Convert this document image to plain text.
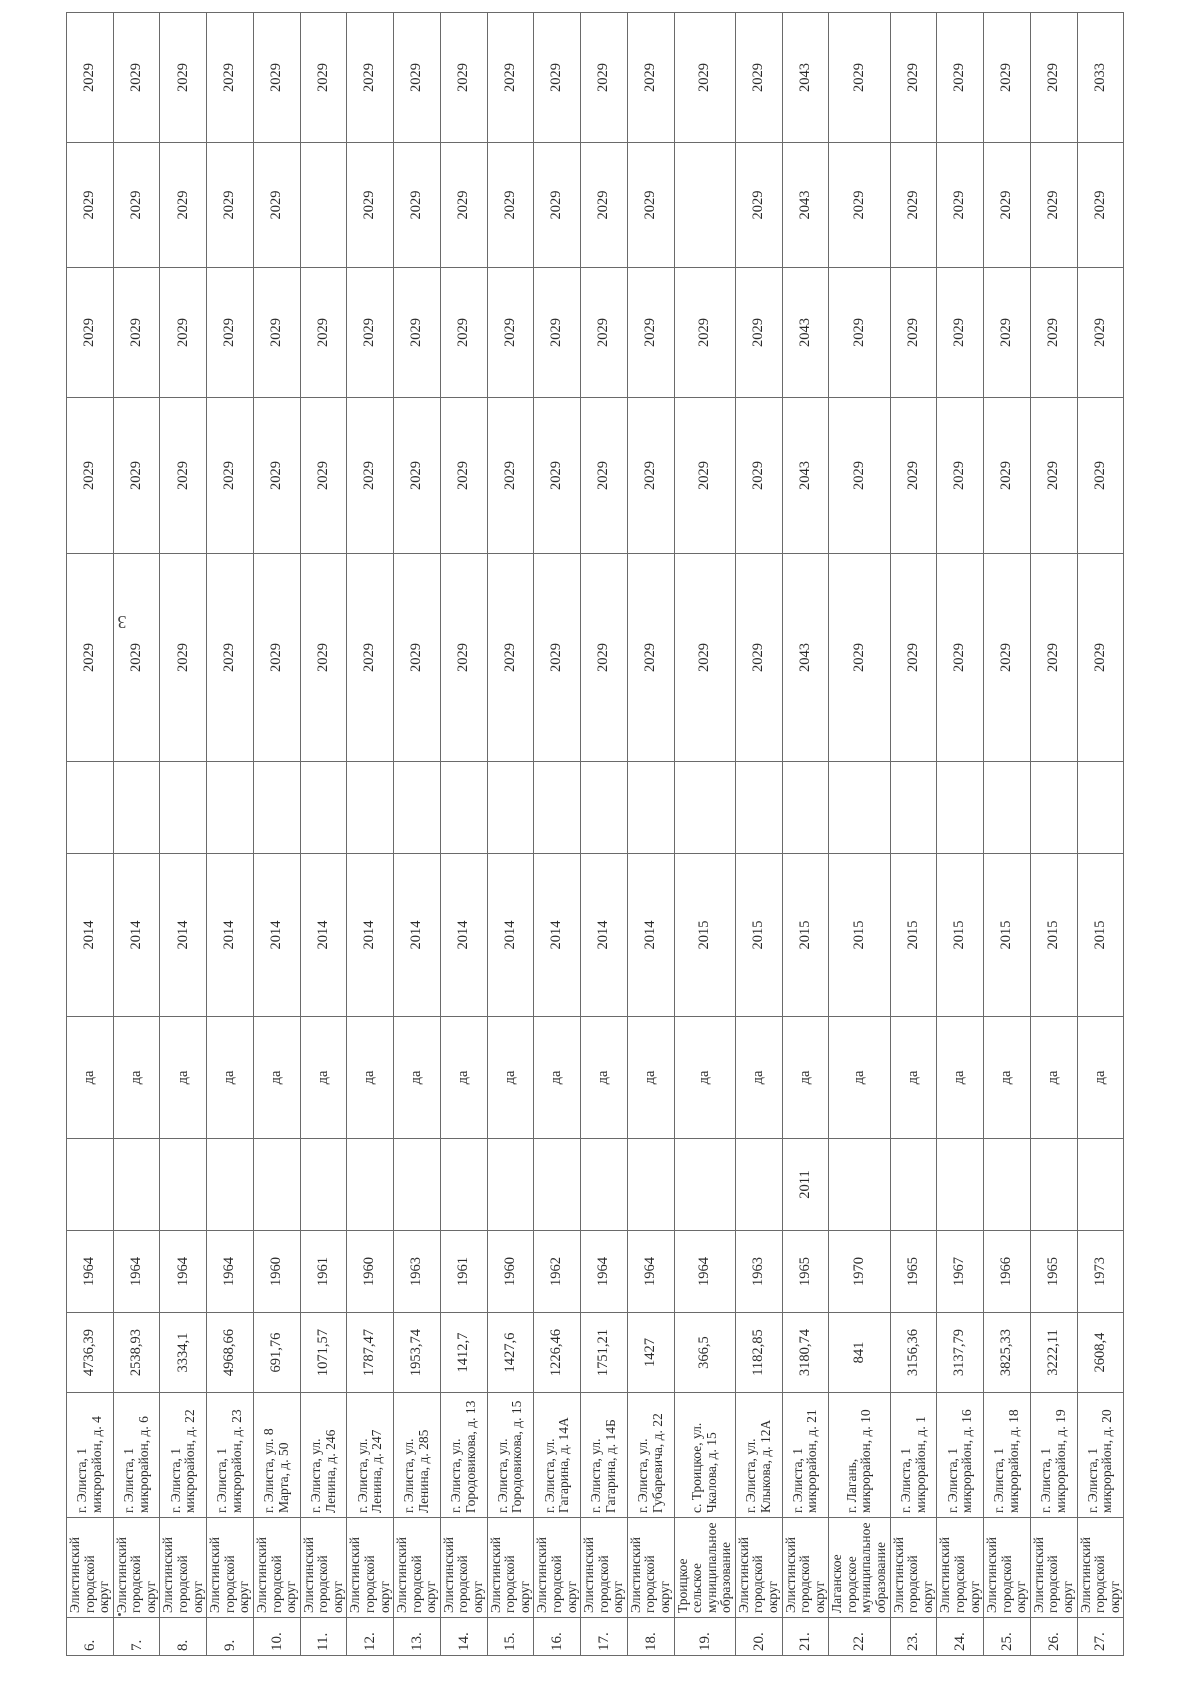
6.	Элистинский городской округ	г. Элиста, 1 микрорайон, д. 4	4736,39	1964		да	2014		2029	2029	2029	2029	2029
7.	Элистинский городской округ	г. Элиста, 1 микрорайон, д. 6	2538,93	1964		да	2014		2029	2029	2029	2029	2029
8.	Элистинский городской округ	г. Элиста, 1 микрорайон, д. 22	3334,1	1964		да	2014		2029	2029	2029	2029	2029
9.	Элистинский городской округ	г. Элиста, 1 микрорайон, д. 23	4968,66	1964		да	2014		2029	2029	2029	2029	2029
10.	Элистинский городской округ	г. Элиста, ул. 8 Марта, д. 50	691,76	1960		да	2014		2029	2029	2029	2029	2029
11.	Элистинский городской округ	г. Элиста, ул. Ленина, д. 246	1071,57	1961		да	2014		2029	2029	2029		2029
12.	Элистинский городской округ	г. Элиста, ул. Ленина, д. 247	1787,47	1960		да	2014		2029	2029	2029	2029	2029
13.	Элистинский городской округ	г. Элиста, ул. Ленина, д. 285	1953,74	1963		да	2014		2029	2029	2029	2029	2029
14.	Элистинский городской округ	г. Элиста, ул. Городовикова, д. 13	1412,7	1961		да	2014		2029	2029	2029	2029	2029
15.	Элистинский городской округ	г. Элиста, ул. Городовикова, д. 15	1427,6	1960		да	2014		2029	2029	2029	2029	2029
16.	Элистинский городской округ	г. Элиста, ул. Гагарина, д. 14А	1226,46	1962		да	2014		2029	2029	2029	2029	2029
17.	Элистинский городской округ	г. Элиста, ул. Гагарина, д. 14Б	1751,21	1964		да	2014		2029	2029	2029	2029	2029
18.	Элистинский городской округ	г. Элиста, ул. Губаревича, д. 22	1427	1964		да	2014		2029	2029	2029	2029	2029
19.	Троицкое сельское муниципальное образование	с. Троицкое, ул. Чкалова, д. 15	366,5	1964		да	2015		2029	2029	2029		2029
20.	Элистинский городской округ	г. Элиста, ул. Клыкова, д. 12А	1182,85	1963		да	2015		2029	2029	2029	2029	2029
21.	Элистинский городской округ	г. Элиста, 1 микрорайон, д. 21	3180,74	1965	2011	да	2015		2043	2043	2043	2043	2043
22.	Лаганское городское муниципальное образование	г. Лагань, микрорайон, д. 10	841	1970		да	2015		2029	2029	2029	2029	2029
23.	Элистинский городской округ	г. Элиста, 1 микрорайон, д. 1	3156,36	1965		да	2015		2029	2029	2029	2029	2029
24.	Элистинский городской округ	г. Элиста, 1 микрорайон, д. 16	3137,79	1967		да	2015		2029	2029	2029	2029	2029
25.	Элистинский городской округ	г. Элиста, 1 микрорайон, д. 18	3825,33	1966		да	2015		2029	2029	2029	2029	2029
26.	Элистинский городской округ	г. Элиста, 1 микрорайон, д. 19	3222,11	1965		да	2015		2029	2029	2029	2029	2029
27.	Элистинский городской округ	г. Элиста, 1 микрорайон, д. 20	2608,4	1973		да	2015		2029	2029	2029	2029	2033
3
